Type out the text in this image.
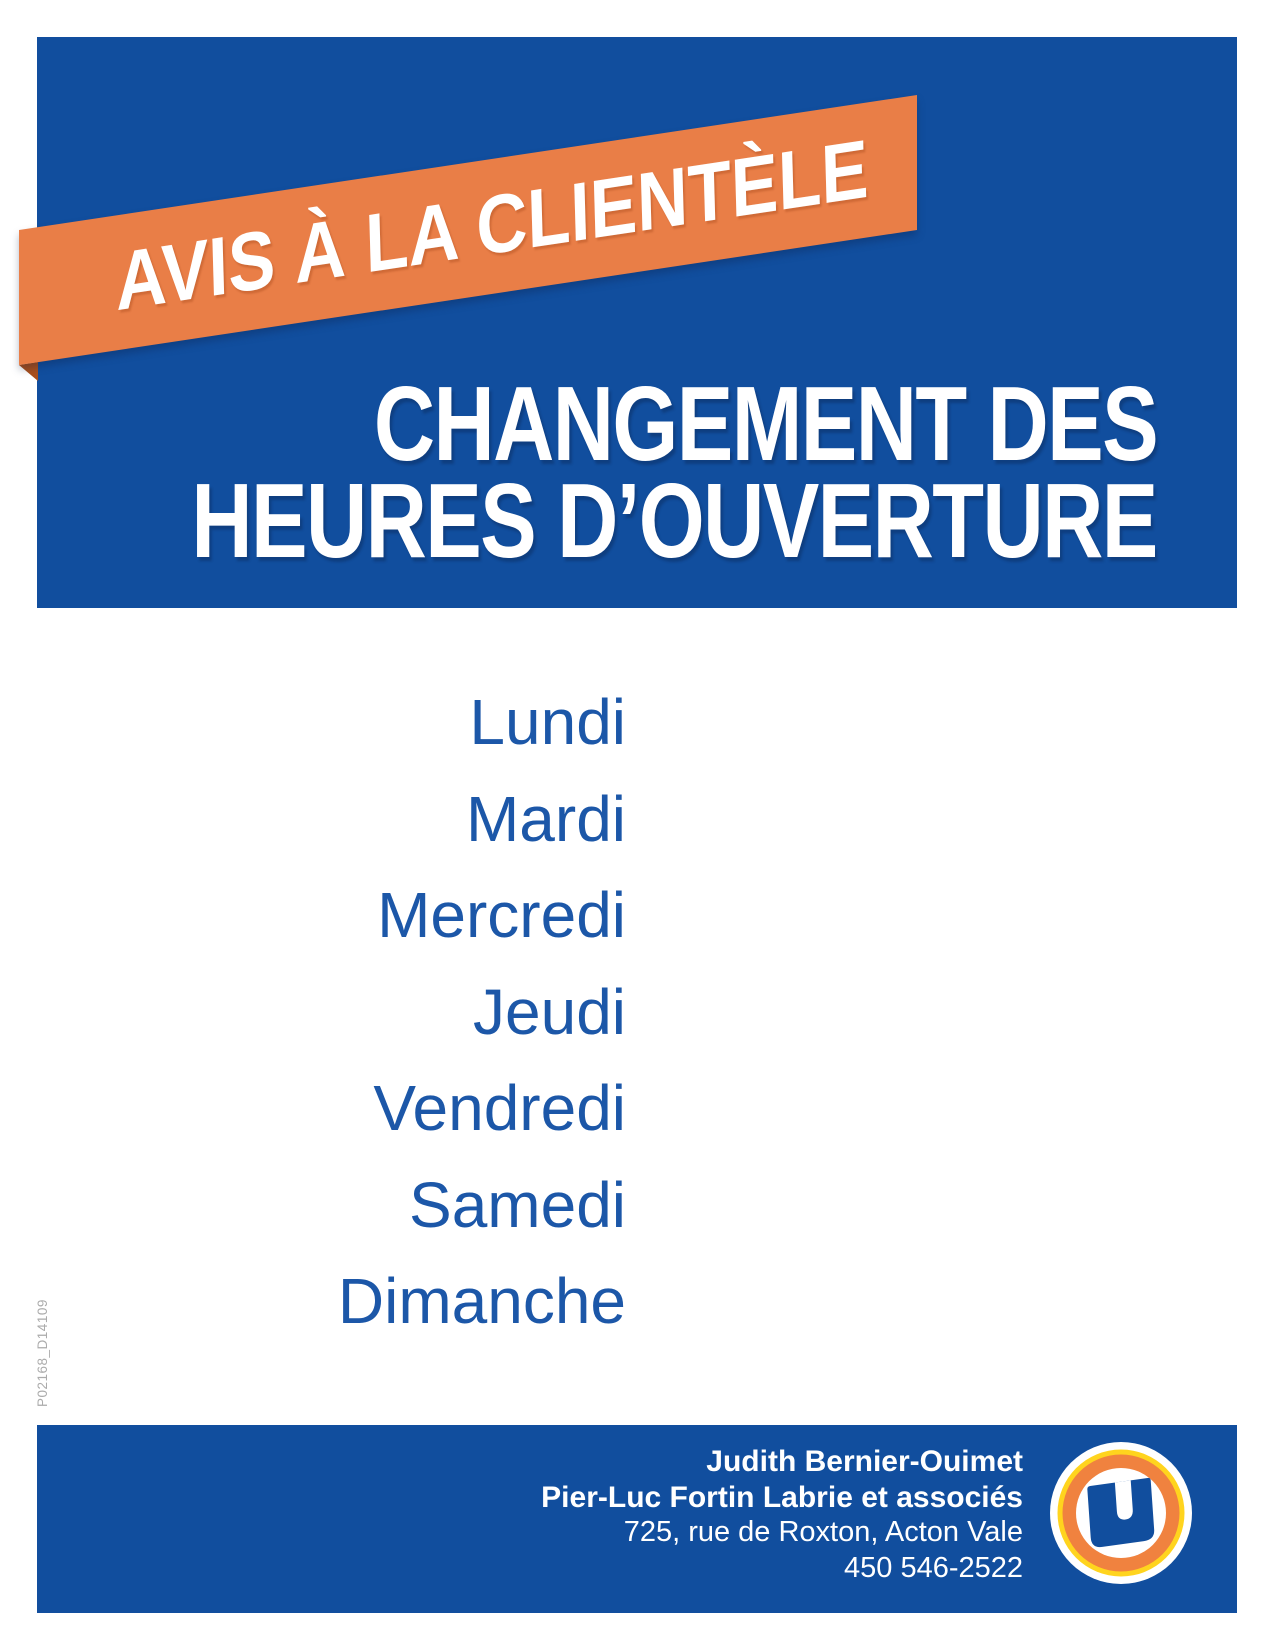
AVIS À LA CLIENTÈLE
CHANGEMENT DES
HEURES D’OUVERTURE
Lundi
Mardi
Mercredi
Jeudi
Vendredi
Samedi
Dimanche
P02168_D14109
Judith Bernier-Ouimet
Pier-Luc Fortin Labrie et associés
725, rue de Roxton, Acton Vale
450 546-2522
